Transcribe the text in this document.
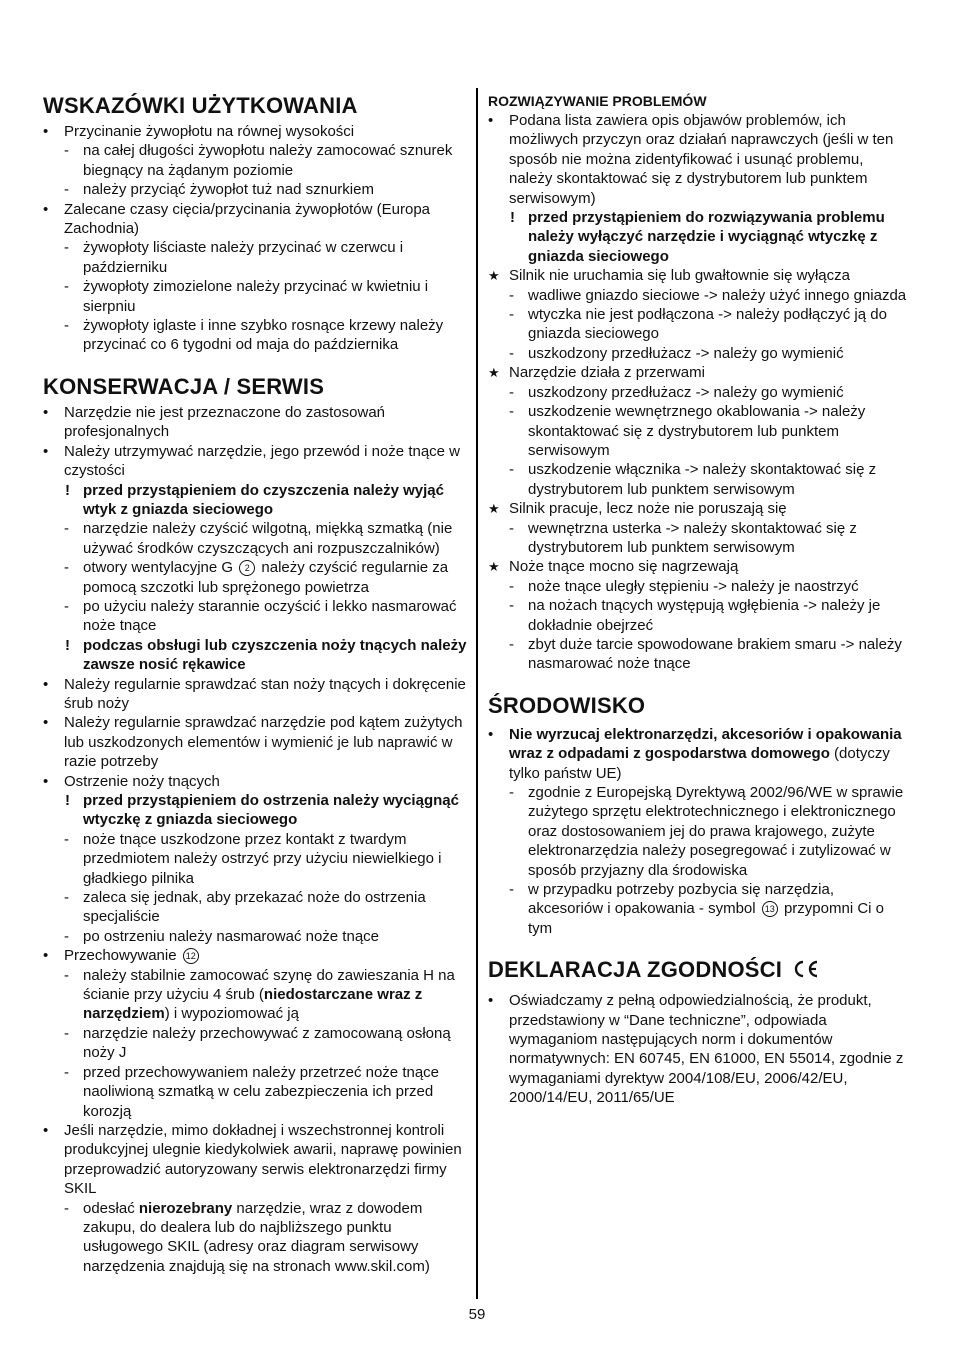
WSKAZÓWKI UŻYTKOWANIA
• Przycinanie żywopłotu na równej wysokości
- na całej długości żywopłotu należy zamocować sznurek biegnący na żądanym poziomie
- należy przyciąć żywopłot tuż nad sznurkiem
• Zalecane czasy cięcia/przycinania żywopłotów (Europa Zachodnia)
- żywopłoty liściaste należy przycinać w czerwcu i październiku
- żywopłoty zimozielone należy przycinać w kwietniu i sierpniu
- żywopłoty iglaste i inne szybko rosnące krzewy należy przycinać co 6 tygodni od maja do października
KONSERWACJA / SERWIS
• Narzędzie nie jest przeznaczone do zastosowań profesjonalnych
• Należy utrzymywać narzędzie, jego przewód i noże tnące w czystości
! przed przystąpieniem do czyszczenia należy wyjąć wtyk z gniazda sieciowego
- narzędzie należy czyścić wilgotną, miękką szmatką (nie używać środków czyszczących ani rozpuszczalników)
- otwory wentylacyjne G 2 należy czyścić regularnie za pomocą szczotki lub sprężonego powietrza
- po użyciu należy starannie oczyścić i lekko nasmarować noże tnące
! podczas obsługi lub czyszczenia noży tnących należy zawsze nosić rękawice
• Należy regularnie sprawdzać stan noży tnących i dokręcenie śrub noży
• Należy regularnie sprawdzać narzędzie pod kątem zużytych lub uszkodzonych elementów i wymienić je lub naprawić w razie potrzeby
• Ostrzenie noży tnących
! przed przystąpieniem do ostrzenia należy wyciągnąć wtyczkę z gniazda sieciowego
- noże tnące uszkodzone przez kontakt z twardym przedmiotem należy ostrzyć przy użyciu niewielkiego i gładkiego pilnika
- zaleca się jednak, aby przekazać noże do ostrzenia specjaliście
- po ostrzeniu należy nasmarować noże tnące
• Przechowywanie 12
- należy stabilnie zamocować szynę do zawieszania H na ścianie przy użyciu 4 śrub (niedostarczane wraz z narzędziem) i wypoziomować ją
- narzędzie należy przechowywać z zamocowaną osłoną noży J
- przed przechowywaniem należy przetrzeć noże tnące naoliwioną szmatką w celu zabezpieczenia ich przed korozją
• Jeśli narzędzie, mimo dokładnej i wszechstronnej kontroli produkcyjnej ulegnie kiedykolwiek awarii, naprawę powinien przeprowadzić autoryzowany serwis elektronarzędzi firmy SKIL
- odesłać nierozebrany narzędzie, wraz z dowodem zakupu, do dealera lub do najbliższego punktu usługowego SKIL (adresy oraz diagram serwisowy narzędzenia znajdują się na stronach www.skil.com)
ROZWIĄZYWANIE PROBLEMÓW
• Podana lista zawiera opis objawów problemów, ich możliwych przyczyn oraz działań naprawczych (jeśli w ten sposób nie można zidentyfikować i usunąć problemu, należy skontaktować się z dystrybutorem lub punktem serwisowym)
! przed przystąpieniem do rozwiązywania problemu należy wyłączyć narzędzie i wyciągnąć wtyczkę z gniazda sieciowego
★ Silnik nie uruchamia się lub gwałtownie się wyłącza
- wadliwe gniazdo sieciowe -> należy użyć innego gniazda
- wtyczka nie jest podłączona -> należy podłączyć ją do gniazda sieciowego
- uszkodzony przedłużacz -> należy go wymienić
★ Narzędzie działa z przerwami
- uszkodzony przedłużacz -> należy go wymienić
- uszkodzenie wewnętrznego okablowania -> należy skontaktować się z dystrybutorem lub punktem serwisowym
- uszkodzenie włącznika -> należy skontaktować się z dystrybutorem lub punktem serwisowym
★ Silnik pracuje, lecz noże nie poruszają się
- wewnętrzna usterka -> należy skontaktować się z dystrybutorem lub punktem serwisowym
★ Noże tnące mocno się nagrzewają
- noże tnące uległy stępieniu -> należy je naostrzyć
- na nożach tnących występują wgłębienia -> należy je dokładnie obejrzeć
- zbyt duże tarcie spowodowane brakiem smaru -> należy nasmarować noże tnące
ŚRODOWISKO
• Nie wyrzucaj elektronarzędzi, akcesoriów i opakowania wraz z odpadami z gospodarstwa domowego (dotyczy tylko państw UE)
- zgodnie z Europejską Dyrektywą 2002/96/WE w sprawie zużytego sprzętu elektrotechnicznego i elektronicznego oraz dostosowaniem jej do prawa krajowego, zużyte elektronarzędzia należy posegregować i zutylizować w sposób przyjazny dla środowiska
- w przypadku potrzeby pozbycia się narzędzia, akcesoriów i opakowania - symbol 13 przypomni Ci o tym
DEKLARACJA ZGODNOŚCI
• Oświadczamy z pełną odpowiedzialnością, że produkt, przedstawiony w “Dane techniczne”, odpowiada wymaganiom następujących norm i dokumentów normatywnych: EN 60745, EN 61000, EN 55014, zgodnie z wymaganiami dyrektyw 2004/108/EU, 2006/42/EU, 2000/14/EU, 2011/65/UE
59
